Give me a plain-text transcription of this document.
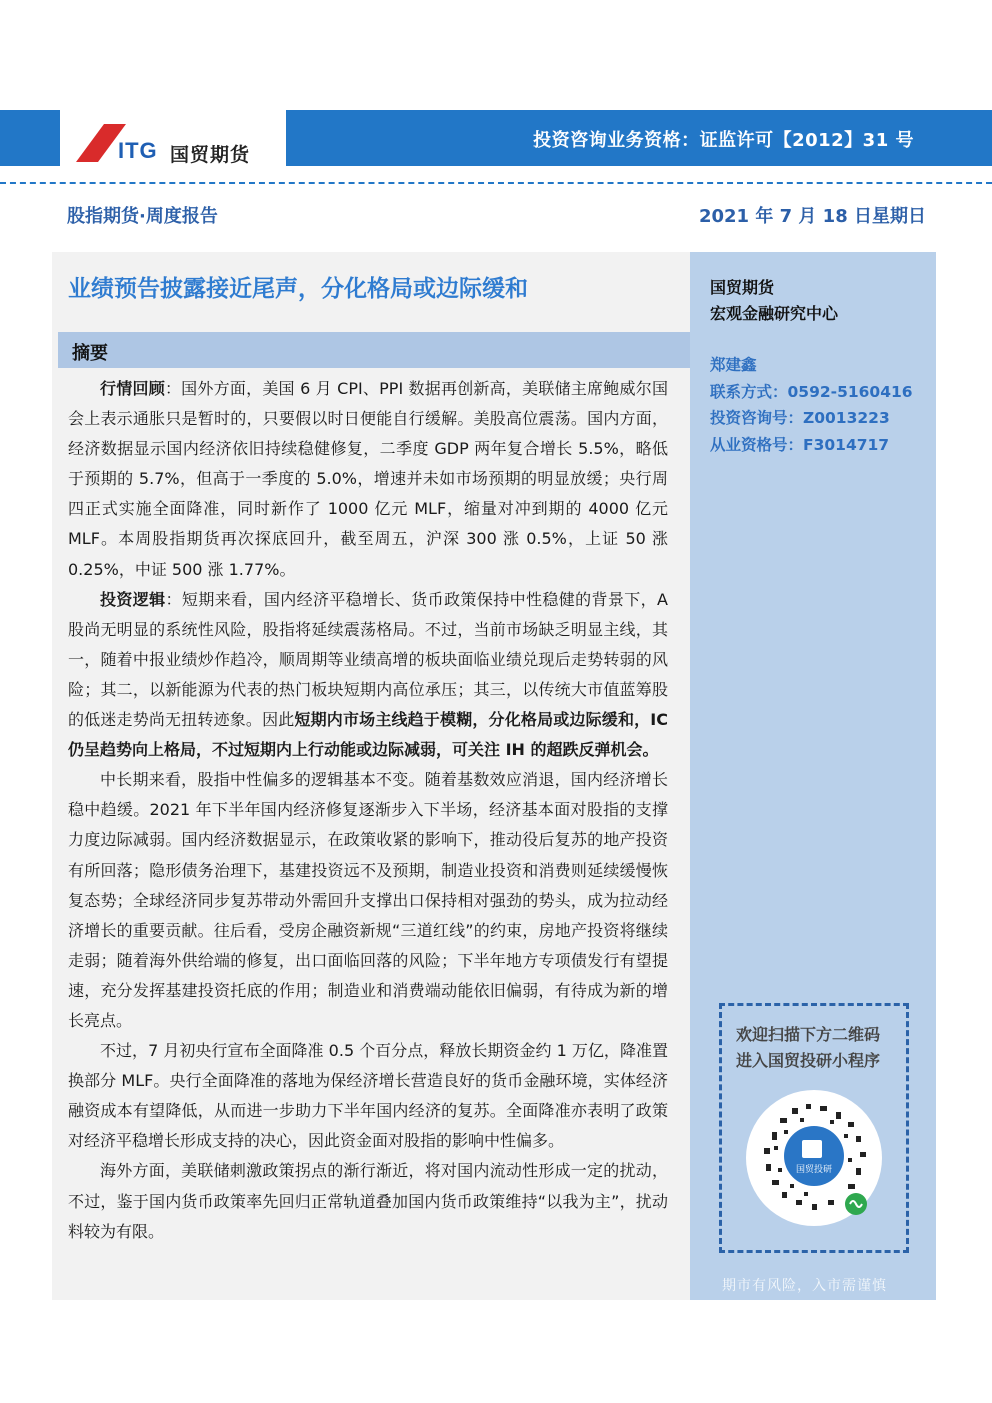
投资咨询业务资格：证监许可【2012】31 号
ITG 国贸期货
股指期货·周度报告	2021 年 7 月 18 日星期日
业绩预告披露接近尾声，分化格局或边际缓和
摘要

行情回顾：国外方面，美国 6 月 CPI、PPI 数据再创新高，美联储主席鲍威尔国会上表示通胀只是暂时的，只要假以时日便能自行缓解。美股高位震荡。国内方面，经济数据显示国内经济依旧持续稳健修复，二季度 GDP 两年复合增长 5.5%，略低于预期的 5.7%，但高于一季度的 5.0%，增速并未如市场预期的明显放缓；央行周四正式实施全面降准，同时新作了 1000 亿元 MLF，缩量对冲到期的 4000 亿元 MLF。本周股指期货再次探底回升，截至周五，沪深 300 涨 0.5%，上证 50 涨 0.25%，中证 500 涨 1.77%。

投资逻辑：短期来看，国内经济平稳增长、货币政策保持中性稳健的背景下，A 股尚无明显的系统性风险，股指将延续震荡格局。不过，当前市场缺乏明显主线，其一，随着中报业绩炒作趋冷，顺周期等业绩高增的板块面临业绩兑现后走势转弱的风险；其二，以新能源为代表的热门板块短期内高位承压；其三，以传统大市值蓝筹股的低迷走势尚无扭转迹象。因此短期内市场主线趋于模糊，分化格局或边际缓和，IC 仍呈趋势向上格局，不过短期内上行动能或边际减弱，可关注 IH 的超跌反弹机会。

中长期来看，股指中性偏多的逻辑基本不变。随着基数效应消退，国内经济增长稳中趋缓。2021 年下半年国内经济修复逐渐步入下半场，经济基本面对股指的支撑力度边际减弱。国内经济数据显示，在政策收紧的影响下，推动役后复苏的地产投资有所回落；隐形债务治理下，基建投资远不及预期，制造业投资和消费则延续缓慢恢复态势；全球经济同步复苏带动外需回升支撑出口保持相对强劲的势头，成为拉动经济增长的重要贡献。往后看，受房企融资新规“三道红线”的约束，房地产投资将继续走弱；随着海外供给端的修复，出口面临回落的风险；下半年地方专项债发行有望提速，充分发挥基建投资托底的作用；制造业和消费端动能依旧偏弱，有待成为新的增长亮点。

不过，7 月初央行宣布全面降准 0.5 个百分点，释放长期资金约 1 万亿，降准置换部分 MLF。央行全面降准的落地为保经济增长营造良好的货币金融环境，实体经济融资成本有望降低，从而进一步助力下半年国内经济的复苏。全面降准亦表明了政策对经济平稳增长形成支持的决心，因此资金面对股指的影响中性偏多。

海外方面，美联储刺激政策拐点的渐行渐近，将对国内流动性形成一定的扰动，不过，鉴于国内货币政策率先回归正常轨道叠加国内货币政策维持“以我为主”，扰动料较为有限。

国贸期货
宏观金融研究中心
郑建鑫
联系方式：0592-5160416
投资咨询号：Z0013223
从业资格号：F3014717
欢迎扫描下方二维码
进入国贸投研小程序
国贸投研
期市有风险，入市需谨慎
